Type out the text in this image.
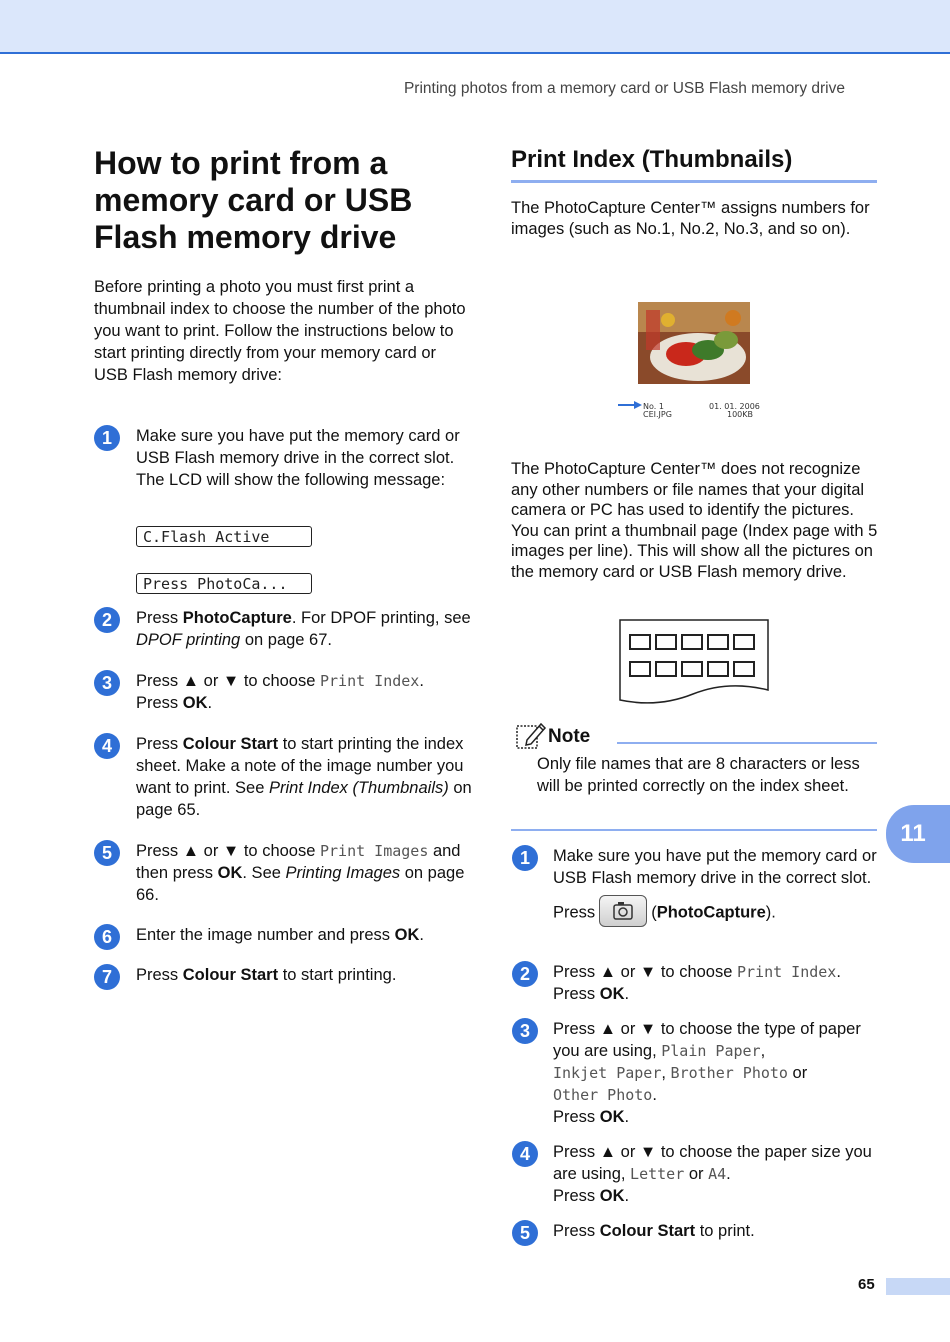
Printing photos from a memory card or USB Flash memory drive
How to print from a memory card or USB Flash memory drive

Before printing a photo you must first print a thumbnail index to choose the number of the photo you want to print. Follow the instructions below to start printing directly from your memory card or USB Flash memory drive:

1	Make sure you have put the memory card or USB Flash memory drive in the correct slot. The LCD will show the following message:
C.Flash Active
Press PhotoCa...
2	Press PhotoCapture. For DPOF printing, see DPOF printing on page 67.
3	Press ▲ or ▼ to choose Print Index.
Press OK.
4	Press Colour Start to start printing the index sheet. Make a note of the image number you want to print. See Print Index (Thumbnails) on page 65.
5	Press ▲ or ▼ to choose Print Images and then press OK. See Printing Images on page 66.
6	Enter the image number and press OK.
7	Press Colour Start to start printing.
Print Index (Thumbnails)

The PhotoCapture Center™ assigns numbers for images (such as No.1, No.2, No.3, and so on).

No. 1
CEI.JPG
01. 01. 2006
100KB

The PhotoCapture Center™ does not recognize any other numbers or file names that your digital camera or PC has used to identify the pictures. You can print a thumbnail page (Index page with 5 images per line). This will show all the pictures on the memory card or USB Flash memory drive.

Note

Only file names that are 8 characters or less will be printed correctly on the index sheet.

1	Make sure you have put the memory card or USB Flash memory drive in the correct slot.
Press	(PhotoCapture).
2	Press ▲ or ▼ to choose Print Index.
Press OK.
3	Press ▲ or ▼ to choose the type of paper you are using, Plain Paper,
Inkjet Paper, Brother Photo or
Other Photo.
Press OK.
4	Press ▲ or ▼ to choose the paper size you are using, Letter or A4.
Press OK.
5	Press Colour Start to print.
11
65
